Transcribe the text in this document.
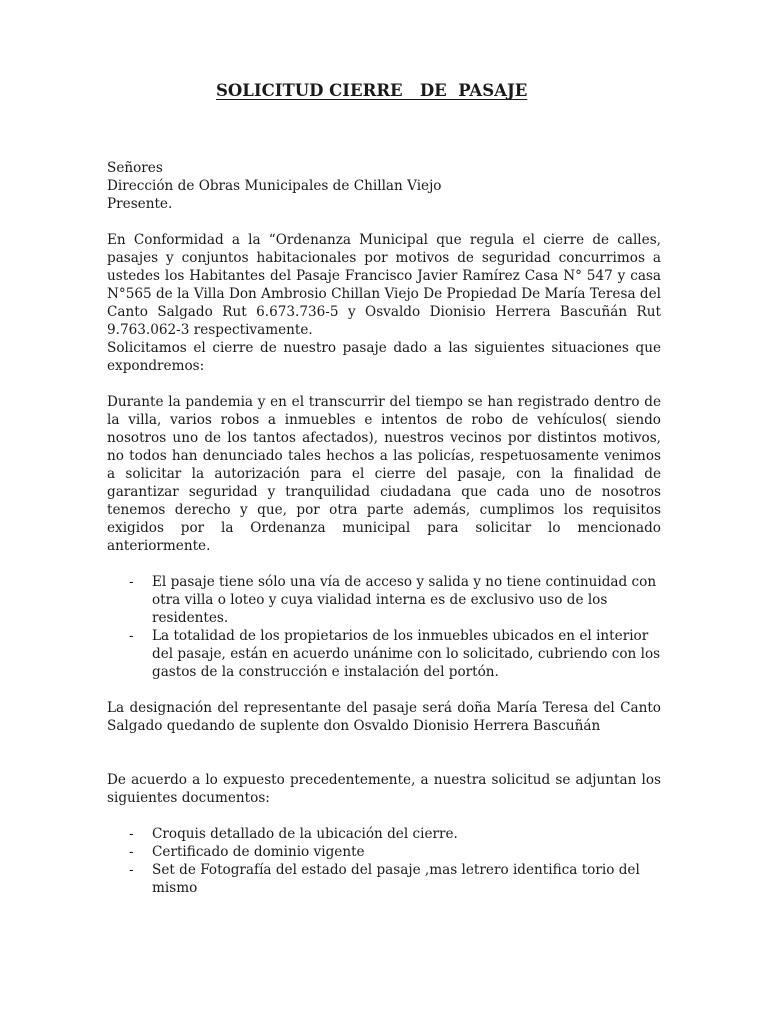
SOLICITUD CIERRE   DE  PASAJE
Señores
Dirección de Obras Municipales de Chillan Viejo
Presente.

En Conformidad a la “Ordenanza Municipal que regula el cierre de calles, pasajes y conjuntos habitacionales por motivos de seguridad concurrimos a ustedes los Habitantes del Pasaje Francisco Javier Ramírez Casa N° 547 y casa N°565 de la Villa Don Ambrosio Chillan Viejo De Propiedad De María Teresa del Canto Salgado Rut 6.673.736-5 y Osvaldo Dionisio Herrera Bascuñán Rut 9.763.062-3 respectivamente.

Solicitamos el cierre de nuestro pasaje dado a las siguientes situaciones que expondremos:

Durante la pandemia y en el transcurrir del tiempo se han registrado dentro de la villa, varios robos a inmuebles e intentos de robo de vehículos( siendo nosotros uno de los tantos afectados), nuestros vecinos por distintos motivos, no todos han denunciado tales hechos a las policías, respetuosamente venimos a solicitar la autorización para el cierre del pasaje, con la finalidad de garantizar seguridad y tranquilidad ciudadana que cada uno de nosotros tenemos derecho y que, por otra parte además, cumplimos los requisitos exigidos por la Ordenanza municipal para solicitar lo mencionado anteriormente.

- El pasaje tiene sólo una vía de acceso y salida y no tiene continuidad con otra villa o loteo y cuya vialidad interna es de exclusivo uso de los residentes.
- La totalidad de los propietarios de los inmuebles ubicados en el interior del pasaje, están en acuerdo unánime con lo solicitado, cubriendo con los gastos de la construcción e instalación del portón.

La designación del representante del pasaje será doña María Teresa del Canto Salgado quedando de suplente don Osvaldo Dionisio Herrera Bascuñán

De acuerdo a lo expuesto precedentemente, a nuestra solicitud se adjuntan los siguientes documentos:

- Croquis detallado de la ubicación del cierre.
- Certificado de dominio vigente
- Set de Fotografía del estado del pasaje ,mas letrero identifica torio del mismo
